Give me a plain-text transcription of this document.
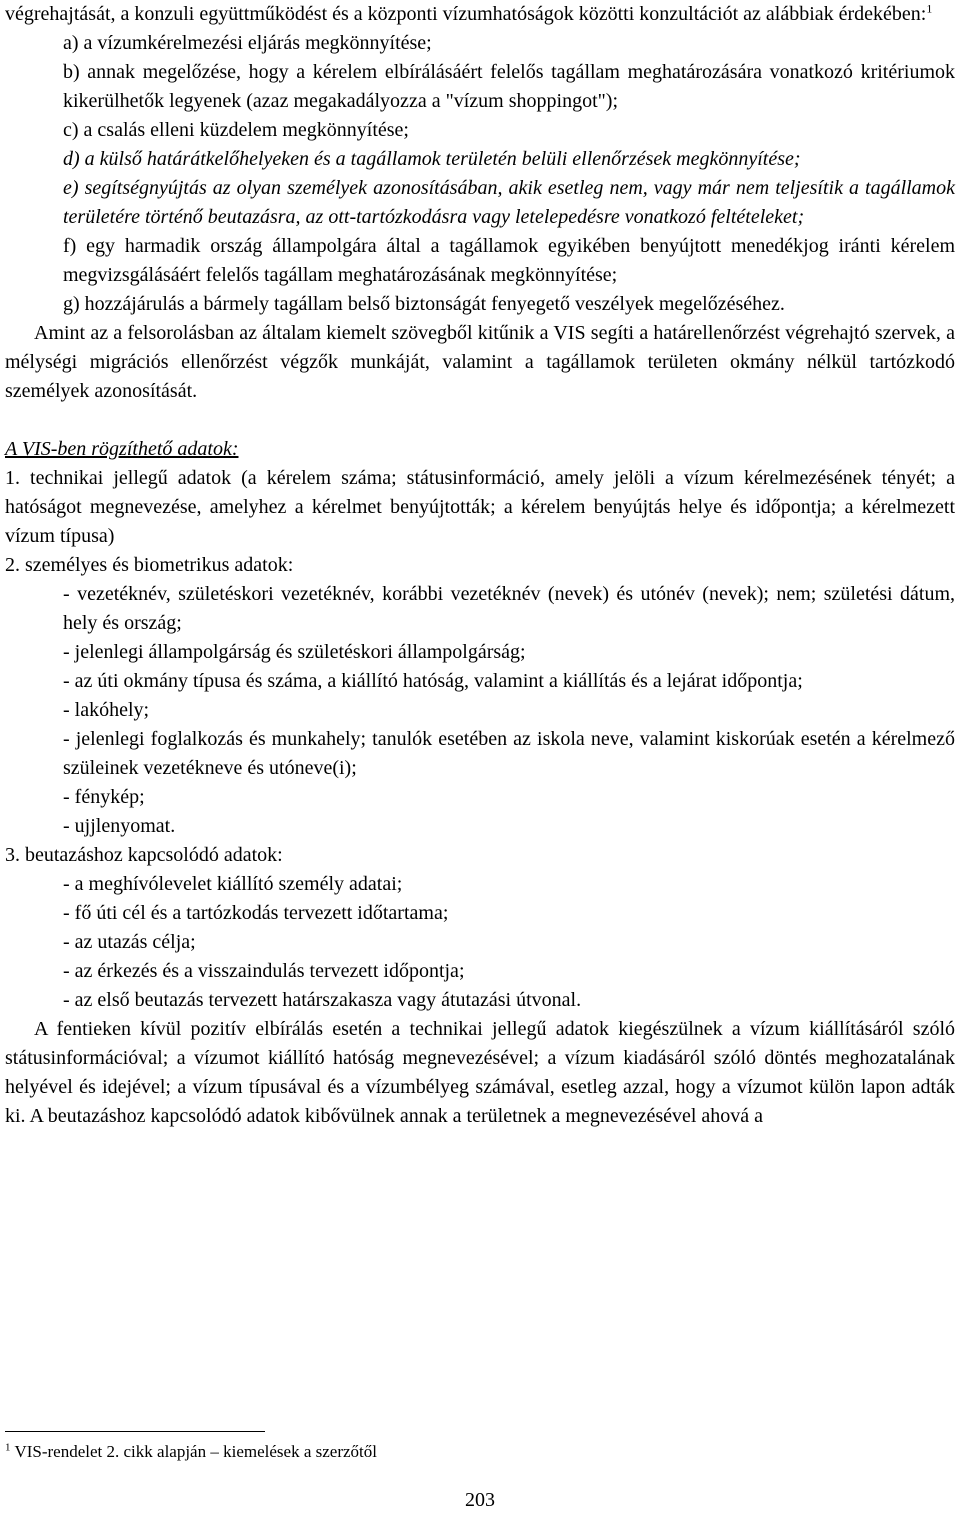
végrehajtását, a konzuli együttműködést és a központi vízumhatóságok közötti konzultációt az alábbiak érdekében:$^1$

a) a vízumkérelmezési eljárás megkönnyítése;

b) annak megelőzése, hogy a kérelem elbírálásáért felelős tagállam meghatározására vonatkozó kritériumok kikerülhetők legyenek (azaz megakadályozza a "vízum shoppingot");

c) a csalás elleni küzdelem megkönnyítése;

d) a külső határátkelőhelyeken és a tagállamok területén belüli ellenőrzések megkönnyítése;

e) segítségnyújtás az olyan személyek azonosításában, akik esetleg nem, vagy már nem teljesítik a tagállamok területére történő beutazásra, az ott-tartózkodásra vagy letelepedésre vonatkozó feltételeket;

f) egy harmadik ország állampolgára által a tagállamok egyikében benyújtott menedékjog iránti kérelem megvizsgálásáért felelős tagállam meghatározásának megkönnyítése;

g) hozzájárulás a bármely tagállam belső biztonságát fenyegető veszélyek megelőzéséhez.

Amint az a felsorolásban az általam kiemelt szövegből kitűnik a VIS segíti a határellenőrzést végrehajtó szervek, a mélységi migrációs ellenőrzést végzők munkáját, valamint a tagállamok területen okmány nélkül tartózkodó személyek azonosítását.

A VIS-ben rögzíthető adatok:

1. technikai jellegű adatok (a kérelem száma; státusinformáció, amely jelöli a vízum kérelmezésének tényét; a hatóságot megnevezése, amelyhez a kérelmet benyújtották; a kérelem benyújtás helye és időpontja; a kérelmezett vízum típusa)

2. személyes és biometrikus adatok:

- vezetéknév, születéskori vezetéknév, korábbi vezetéknév (nevek) és utónév (nevek); nem; születési dátum, hely és ország;

- jelenlegi állampolgárság és születéskori állampolgárság;

- az úti okmány típusa és száma, a kiállító hatóság, valamint a kiállítás és a lejárat időpontja;

- lakóhely;

- jelenlegi foglalkozás és munkahely; tanulók esetében az iskola neve, valamint kiskorúak esetén a kérelmező szüleinek vezetékneve és utóneve(i);

- fénykép;

- ujjlenyomat.

3. beutazáshoz kapcsolódó adatok:

- a meghívólevelet kiállító személy adatai;

- fő úti cél és a tartózkodás tervezett időtartama;

- az utazás célja;

- az érkezés és a visszaindulás tervezett időpontja;

- az első beutazás tervezett határszakasza vagy átutazási útvonal.

A fentieken kívül pozitív elbírálás esetén a technikai jellegű adatok kiegészülnek a vízum kiállításáról szóló státusinformációval; a vízumot kiállító hatóság megnevezésével; a vízum kiadásáról szóló döntés meghozatalának helyével és idejével; a vízum típusával és a vízumbélyeg számával, esetleg azzal, hogy a vízumot külön lapon adták ki. A beutazáshoz kapcsolódó adatok kibővülnek annak a területnek a megnevezésével ahová a

$^1$ VIS-rendelet 2. cikk alapján – kiemelések a szerzőtől

203
